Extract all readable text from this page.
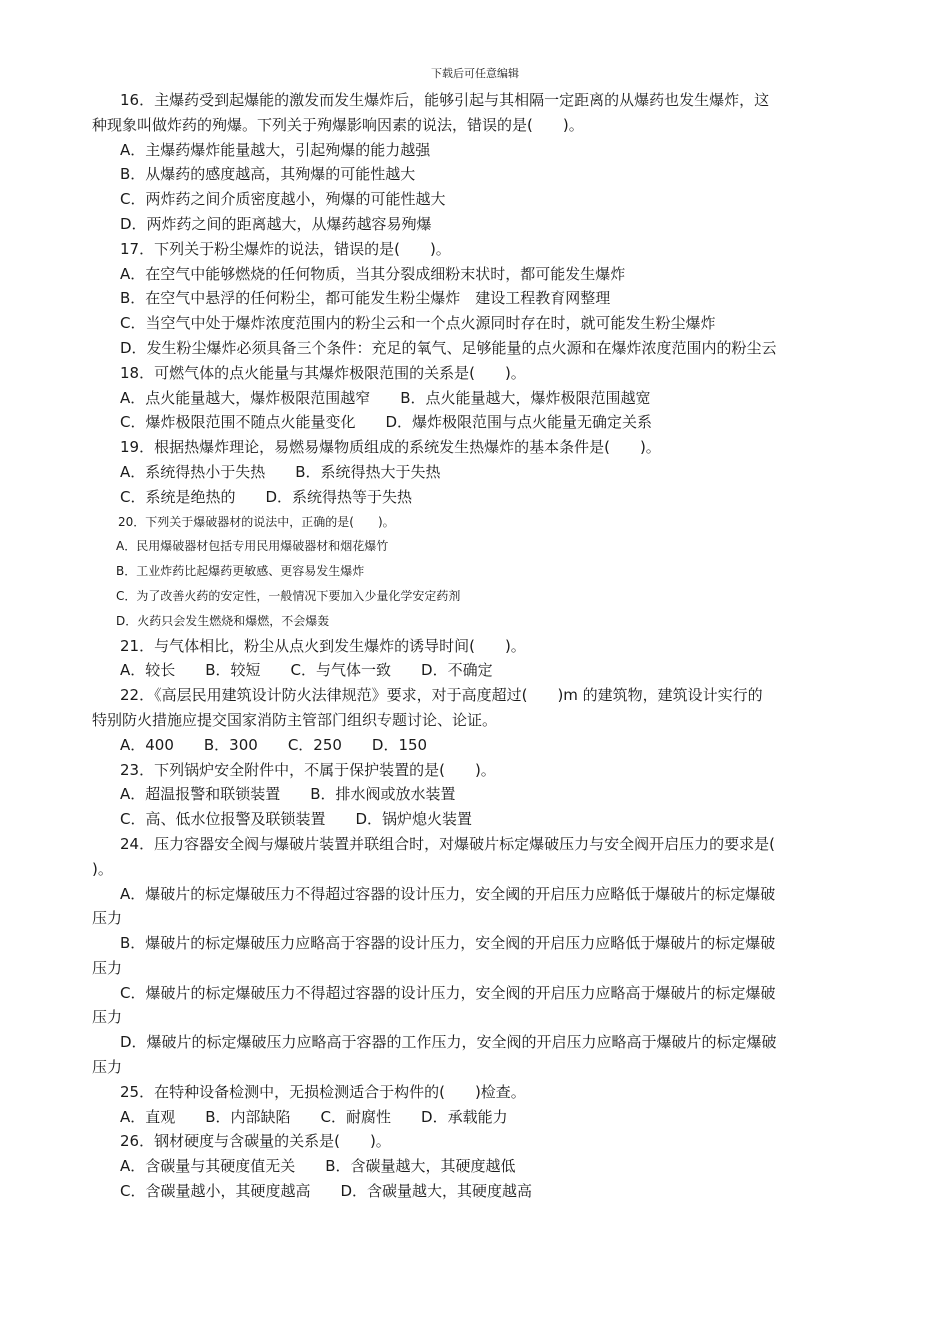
下载后可任意编辑
16．主爆药受到起爆能的激发而发生爆炸后，能够引起与其相隔一定距离的从爆药也发生爆炸，这
种现象叫做炸药的殉爆。下列关于殉爆影响因素的说法，错误的是(　　)。
A．主爆药爆炸能量越大，引起殉爆的能力越强
B．从爆药的感度越高，其殉爆的可能性越大
C．两炸药之间介质密度越小，殉爆的可能性越大
D．两炸药之间的距离越大，从爆药越容易殉爆
17．下列关于粉尘爆炸的说法，错误的是(　　)。
A．在空气中能够燃烧的任何物质，当其分裂成细粉末状时，都可能发生爆炸
B．在空气中悬浮的任何粉尘，都可能发生粉尘爆炸　建设工程教育网整理
C．当空气中处于爆炸浓度范围内的粉尘云和一个点火源同时存在时，就可能发生粉尘爆炸
D．发生粉尘爆炸必须具备三个条件：充足的氧气、足够能量的点火源和在爆炸浓度范围内的粉尘云
18．可燃气体的点火能量与其爆炸极限范围的关系是(　　)。
A．点火能量越大，爆炸极限范围越窄　　B．点火能量越大，爆炸极限范围越宽
C．爆炸极限范围不随点火能量变化　　D．爆炸极限范围与点火能量无确定关系
19．根据热爆炸理论，易燃易爆物质组成的系统发生热爆炸的基本条件是(　　)。
A．系统得热小于失热　　B．系统得热大于失热
C．系统是绝热的　　D．系统得热等于失热
20．下列关于爆破器材的说法中，正确的是(　　)。
A．民用爆破器材包括专用民用爆破器材和烟花爆竹
B．工业炸药比起爆药更敏感、更容易发生爆炸
C．为了改善火药的安定性，一般情况下要加入少量化学安定药剂
D．火药只会发生燃烧和爆燃，不会爆轰
21．与气体相比，粉尘从点火到发生爆炸的诱导时间(　　)。
A．较长　　B．较短　　C．与气体一致　　D．不确定
22．《高层民用建筑设计防火法律规范》要求，对于高度超过(　　)m 的建筑物，建筑设计实行的
特别防火措施应提交国家消防主管部门组织专题讨论、论证。
A．400　　B．300　　C．250　　D．150
23．下列锅炉安全附件中，不属于保护装置的是(　　)。
A．超温报警和联锁装置　　B．排水阀或放水装置
C．高、低水位报警及联锁装置　　D．锅炉熄火装置
24．压力容器安全阀与爆破片装置并联组合时，对爆破片标定爆破压力与安全阀开启压力的要求是(
)。
A．爆破片的标定爆破压力不得超过容器的设计压力，安全阈的开启压力应略低于爆破片的标定爆破
压力
B．爆破片的标定爆破压力应略高于容器的设计压力，安全阀的开启压力应略低于爆破片的标定爆破
压力
C．爆破片的标定爆破压力不得超过容器的设计压力，安全阀的开启压力应略高于爆破片的标定爆破
压力
D．爆破片的标定爆破压力应略高于容器的工作压力，安全阀的开启压力应略高于爆破片的标定爆破
压力
25．在特种设备检测中，无损检测适合于构件的(　　)检查。
A．直观　　B．内部缺陷　　C．耐腐性　　D．承载能力
26．钢材硬度与含碳量的关系是(　　)。
A．含碳量与其硬度值无关　　B．含碳量越大，其硬度越低
C．含碳量越小，其硬度越高　　D．含碳量越大，其硬度越高
